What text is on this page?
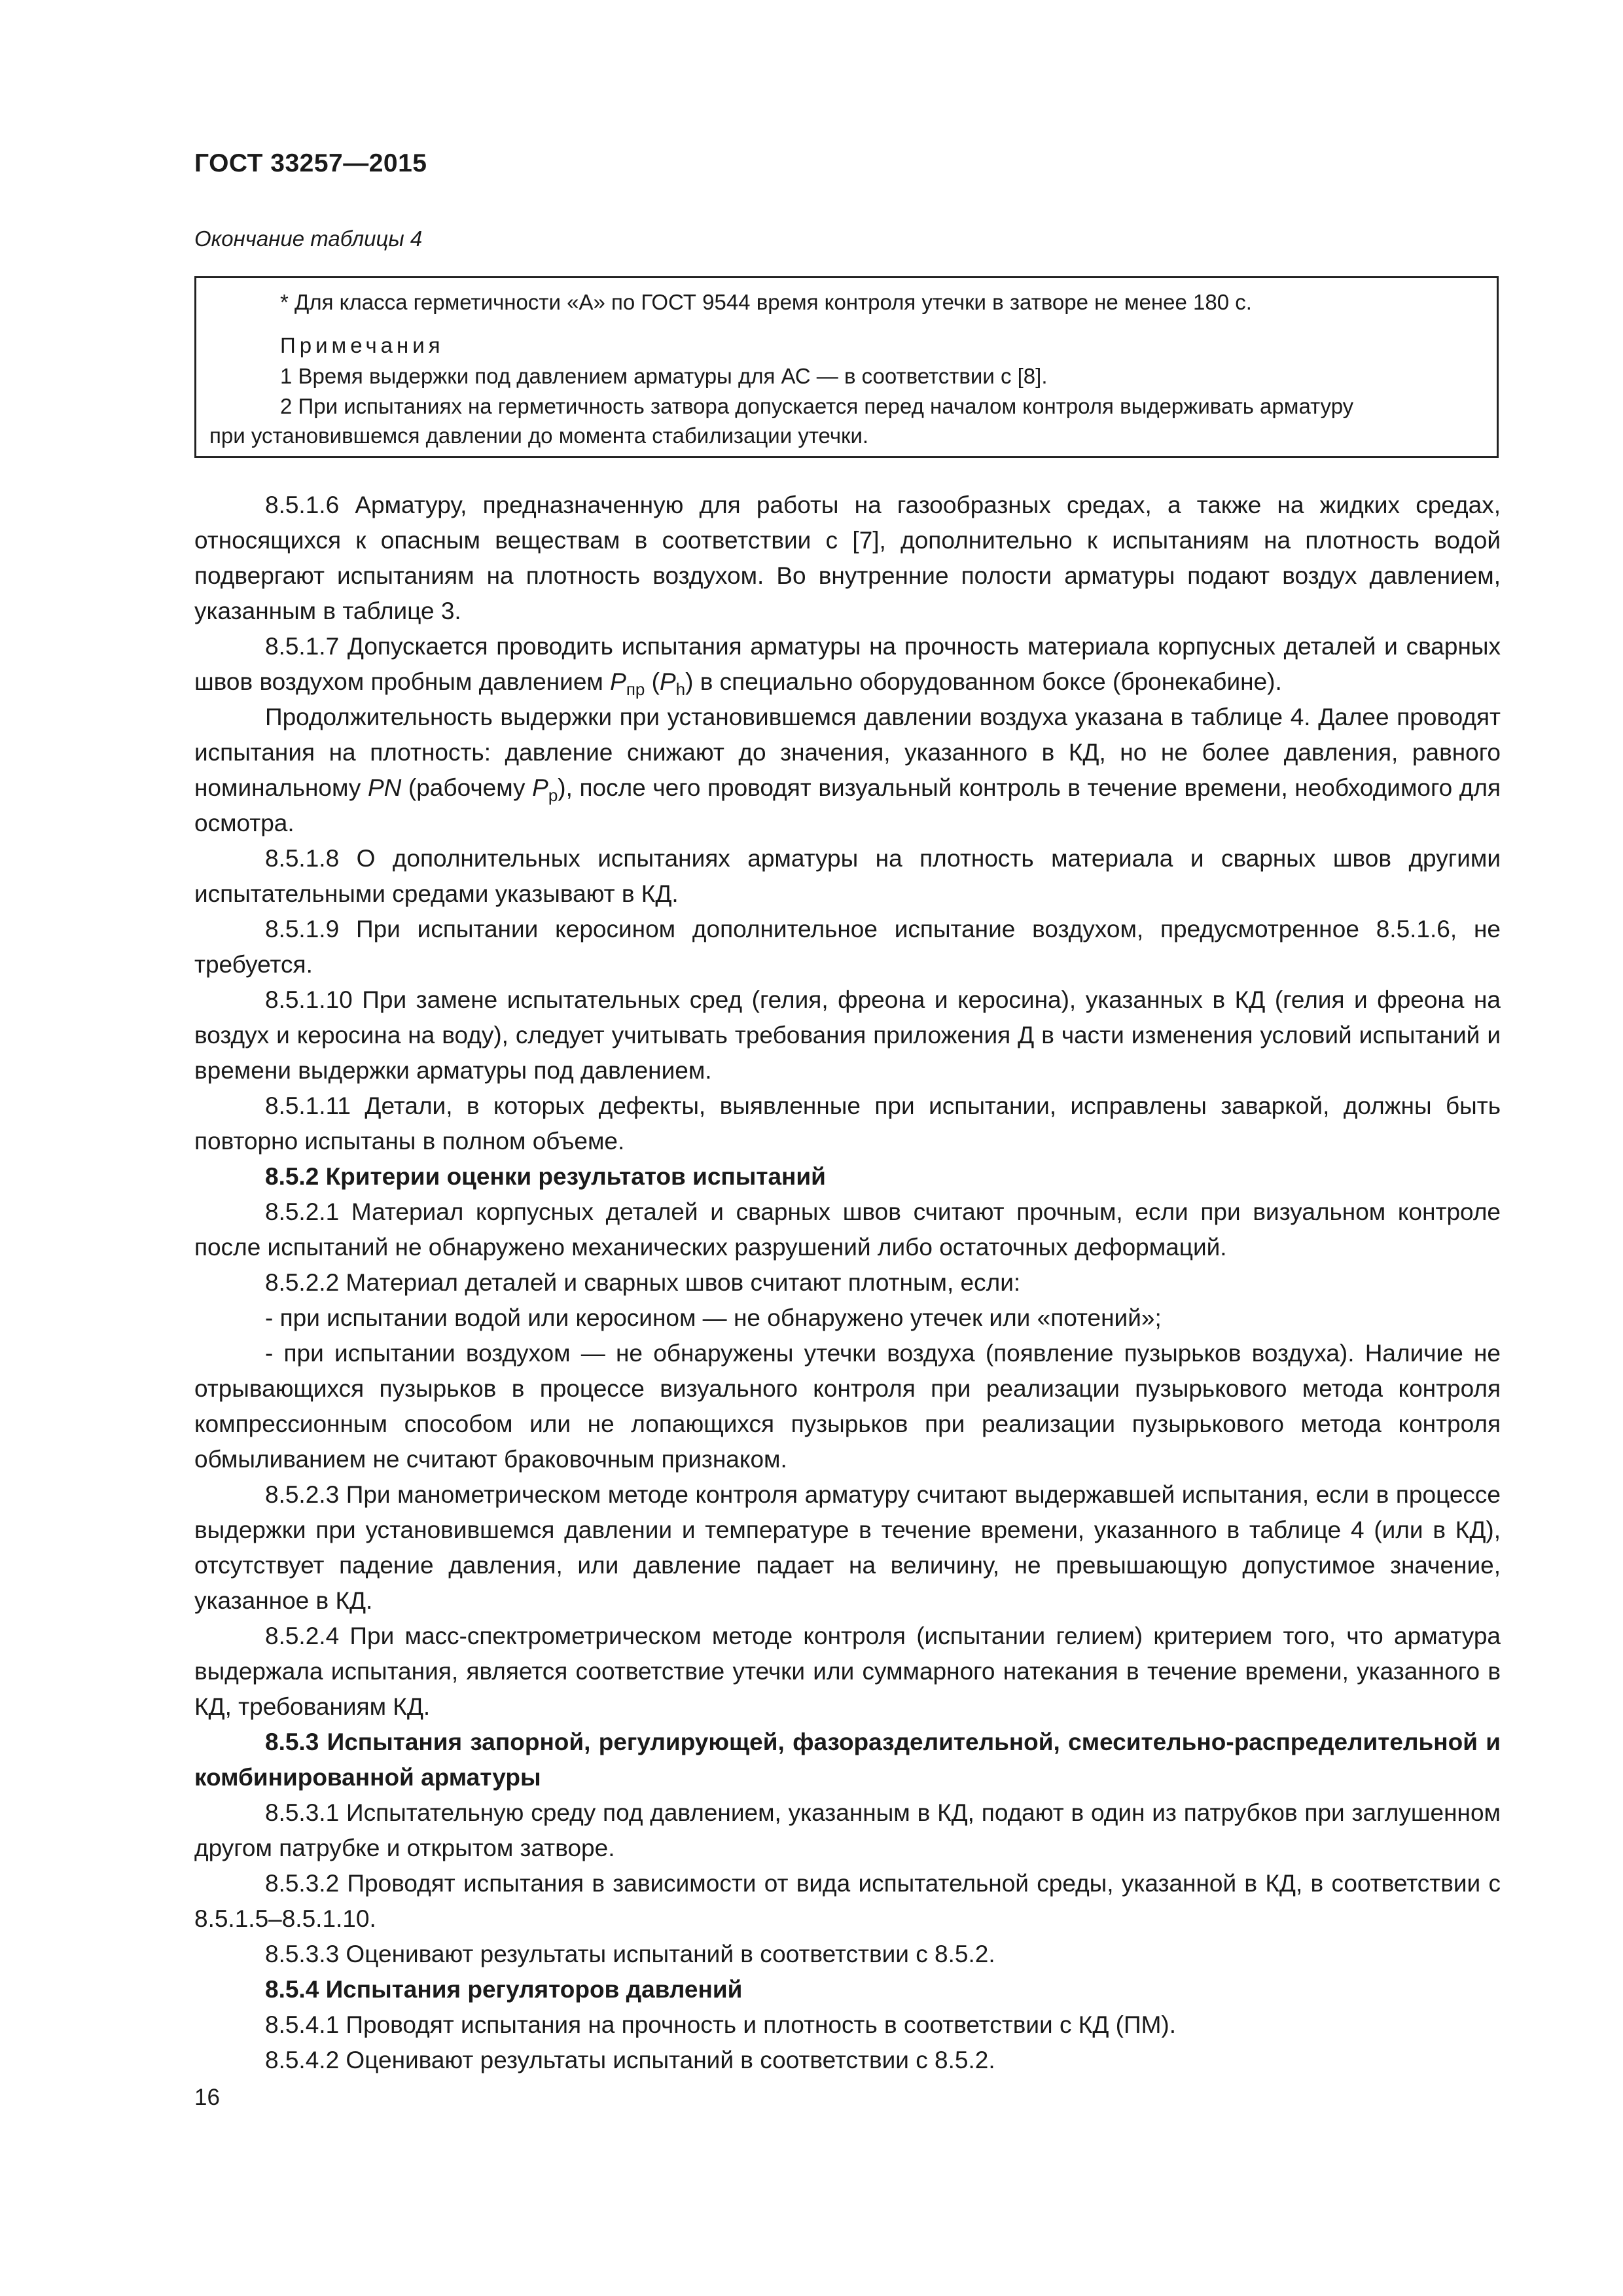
ГОСТ 33257—2015
Окончание таблицы 4
* Для класса герметичности «А» по ГОСТ 9544 время контроля утечки в затворе не менее 180 с.
Примечания
1 Время выдержки под давлением арматуры для АС — в соответствии с [8].
2 При испытаниях на герметичность затвора допускается перед началом контроля выдерживать арматуру
при установившемся давлении до момента стабилизации утечки.

8.5.1.6 Арматуру, предназначенную для работы на газообразных средах, а также на жидких средах, относящихся к опасным веществам в соответствии с [7], дополнительно к испытаниям на плотность водой подвергают испытаниям на плотность воздухом. Во внутренние полости арматуры подают воздух давлением, указанным в таблице 3.

8.5.1.7 Допускается проводить испытания арматуры на прочность материала корпусных деталей и сварных швов воздухом пробным давлением $P_{пр}$ $(P_h)$ в специально оборудованном боксе (бронекабине).

Продолжительность выдержки при установившемся давлении воздуха указана в таблице 4. Далее проводят испытания на плотность: давление снижают до значения, указанного в КД, но не более давления, равного номинальному PN (рабочему $P_р$), после чего проводят визуальный контроль в течение времени, необходимого для осмотра.

8.5.1.8 О дополнительных испытаниях арматуры на плотность материала и сварных швов другими испытательными средами указывают в КД.

8.5.1.9 При испытании керосином дополнительное испытание воздухом, предусмотренное 8.5.1.6, не требуется.

8.5.1.10 При замене испытательных сред (гелия, фреона и керосина), указанных в КД (гелия и фреона на воздух и керосина на воду), следует учитывать требования приложения Д в части изменения условий испытаний и времени выдержки арматуры под давлением.

8.5.1.11 Детали, в которых дефекты, выявленные при испытании, исправлены заваркой, должны быть повторно испытаны в полном объеме.

8.5.2 Критерии оценки результатов испытаний

8.5.2.1 Материал корпусных деталей и сварных швов считают прочным, если при визуальном контроле после испытаний не обнаружено механических разрушений либо остаточных деформаций.

8.5.2.2 Материал деталей и сварных швов считают плотным, если:

- при испытании водой или керосином — не обнаружено утечек или «потений»;

- при испытании воздухом — не обнаружены утечки воздуха (появление пузырьков воздуха). Наличие не отрывающихся пузырьков в процессе визуального контроля при реализации пузырькового метода контроля компрессионным способом или не лопающихся пузырьков при реализации пузырькового метода контроля обмыливанием не считают браковочным признаком.

8.5.2.3 При манометрическом методе контроля арматуру считают выдержавшей испытания, если в процессе выдержки при установившемся давлении и температуре в течение времени, указанного в таблице 4 (или в КД), отсутствует падение давления, или давление падает на величину, не превышающую допустимое значение, указанное в КД.

8.5.2.4 При масс-спектрометрическом методе контроля (испытании гелием) критерием того, что арматура выдержала испытания, является соответствие утечки или суммарного натекания в течение времени, указанного в КД, требованиям КД.

8.5.3 Испытания запорной, регулирующей, фазоразделительной, смесительно-распределительной и комбинированной арматуры

8.5.3.1 Испытательную среду под давлением, указанным в КД, подают в один из патрубков при заглушенном другом патрубке и открытом затворе.

8.5.3.2 Проводят испытания в зависимости от вида испытательной среды, указанной в КД, в соответствии с 8.5.1.5–8.5.1.10.

8.5.3.3 Оценивают результаты испытаний в соответствии с 8.5.2.

8.5.4 Испытания регуляторов давлений

8.5.4.1 Проводят испытания на прочность и плотность в соответствии с КД (ПМ).

8.5.4.2 Оценивают результаты испытаний в соответствии с 8.5.2.

16
